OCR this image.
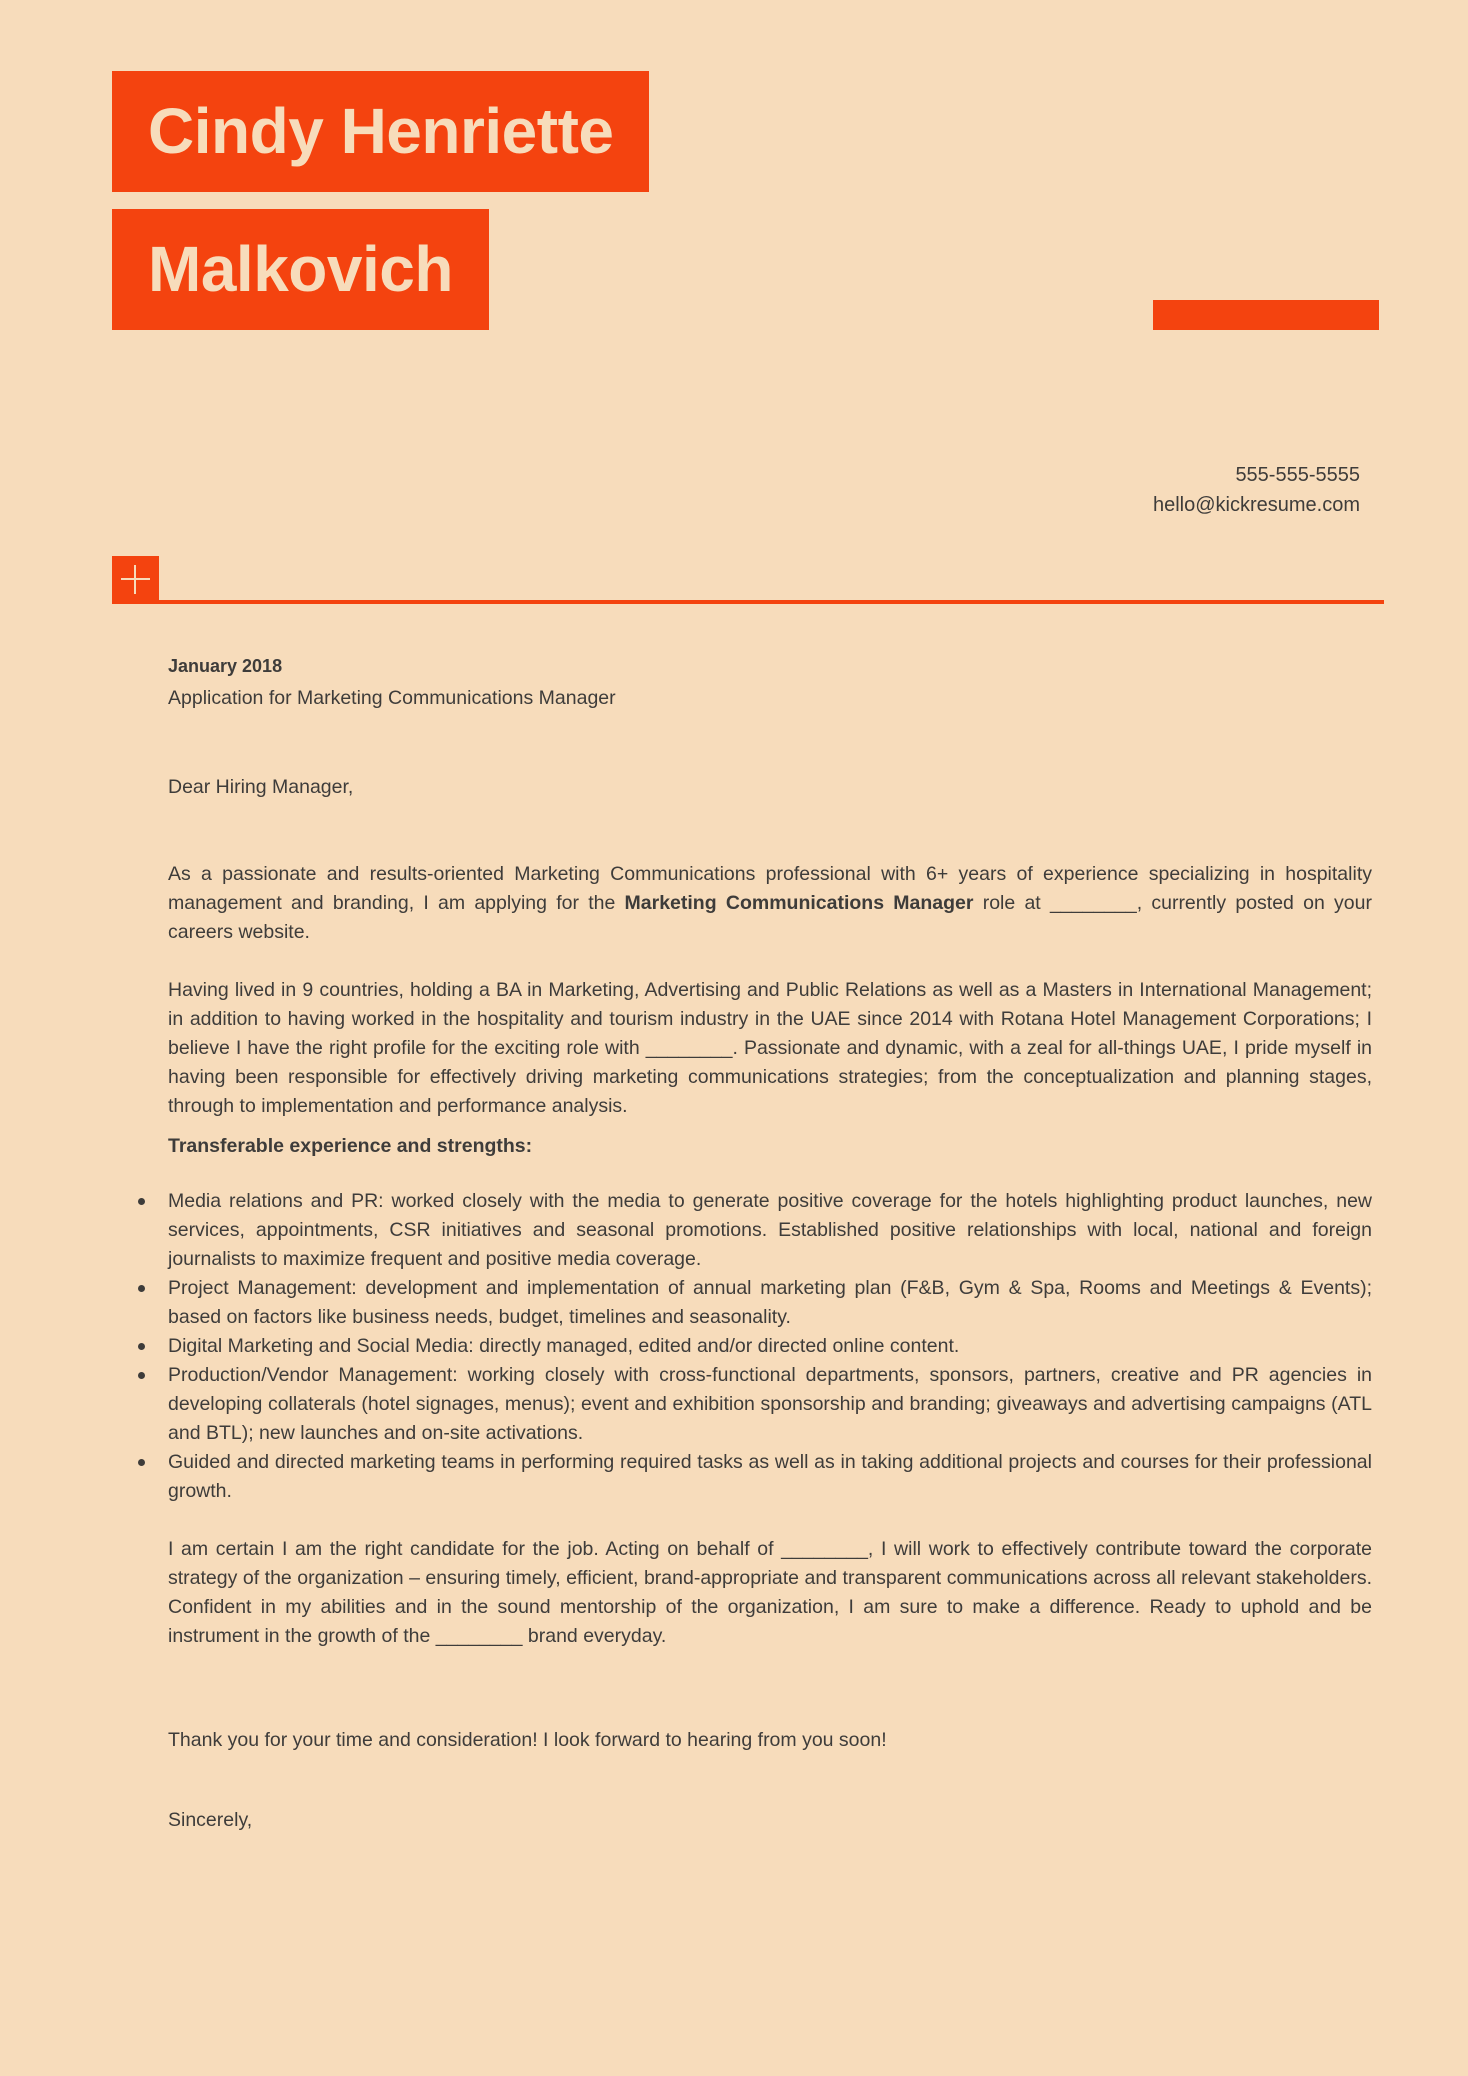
Cindy Henriette
Malkovich
555-555-5555
hello@kickresume.com

January 2018

Application for Marketing Communications Manager

Dear Hiring Manager,

As a passionate and results-oriented Marketing Communications professional with 6+ years of experience specializing in hospitality management and branding, I am applying for the Marketing Communications Manager role at ________, currently posted on your careers website.

Having lived in 9 countries, holding a BA in Marketing, Advertising and Public Relations as well as a Masters in International Management; in addition to having worked in the hospitality and tourism industry in the UAE since 2014 with Rotana Hotel Management Corporations; I believe I have the right profile for the exciting role with ________. Passionate and dynamic, with a zeal for all-things UAE, I pride myself in having been responsible for effectively driving marketing communications strategies; from the conceptualization and planning stages, through to implementation and performance analysis.

Transferable experience and strengths:

Media relations and PR: worked closely with the media to generate positive coverage for the hotels highlighting product launches, new services, appointments, CSR initiatives and seasonal promotions. Established positive relationships with local, national and foreign journalists to maximize frequent and positive media coverage.
Project Management: development and implementation of annual marketing plan (F&B, Gym & Spa, Rooms and Meetings & Events); based on factors like business needs, budget, timelines and seasonality.
Digital Marketing and Social Media: directly managed, edited and/or directed online content.
Production/Vendor Management: working closely with cross-functional departments, sponsors, partners, creative and PR agencies in developing collaterals (hotel signages, menus); event and exhibition sponsorship and branding; giveaways and advertising campaigns (ATL and BTL); new launches and on-site activations.
Guided and directed marketing teams in performing required tasks as well as in taking additional projects and courses for their professional growth.

I am certain I am the right candidate for the job. Acting on behalf of ________, I will work to effectively contribute toward the corporate strategy of the organization – ensuring timely, efficient, brand-appropriate and transparent communications across all relevant stakeholders. Confident in my abilities and in the sound mentorship of the organization, I am sure to make a difference. Ready to uphold and be instrument in the growth of the ________ brand everyday.

Thank you for your time and consideration! I look forward to hearing from you soon!

Sincerely,
